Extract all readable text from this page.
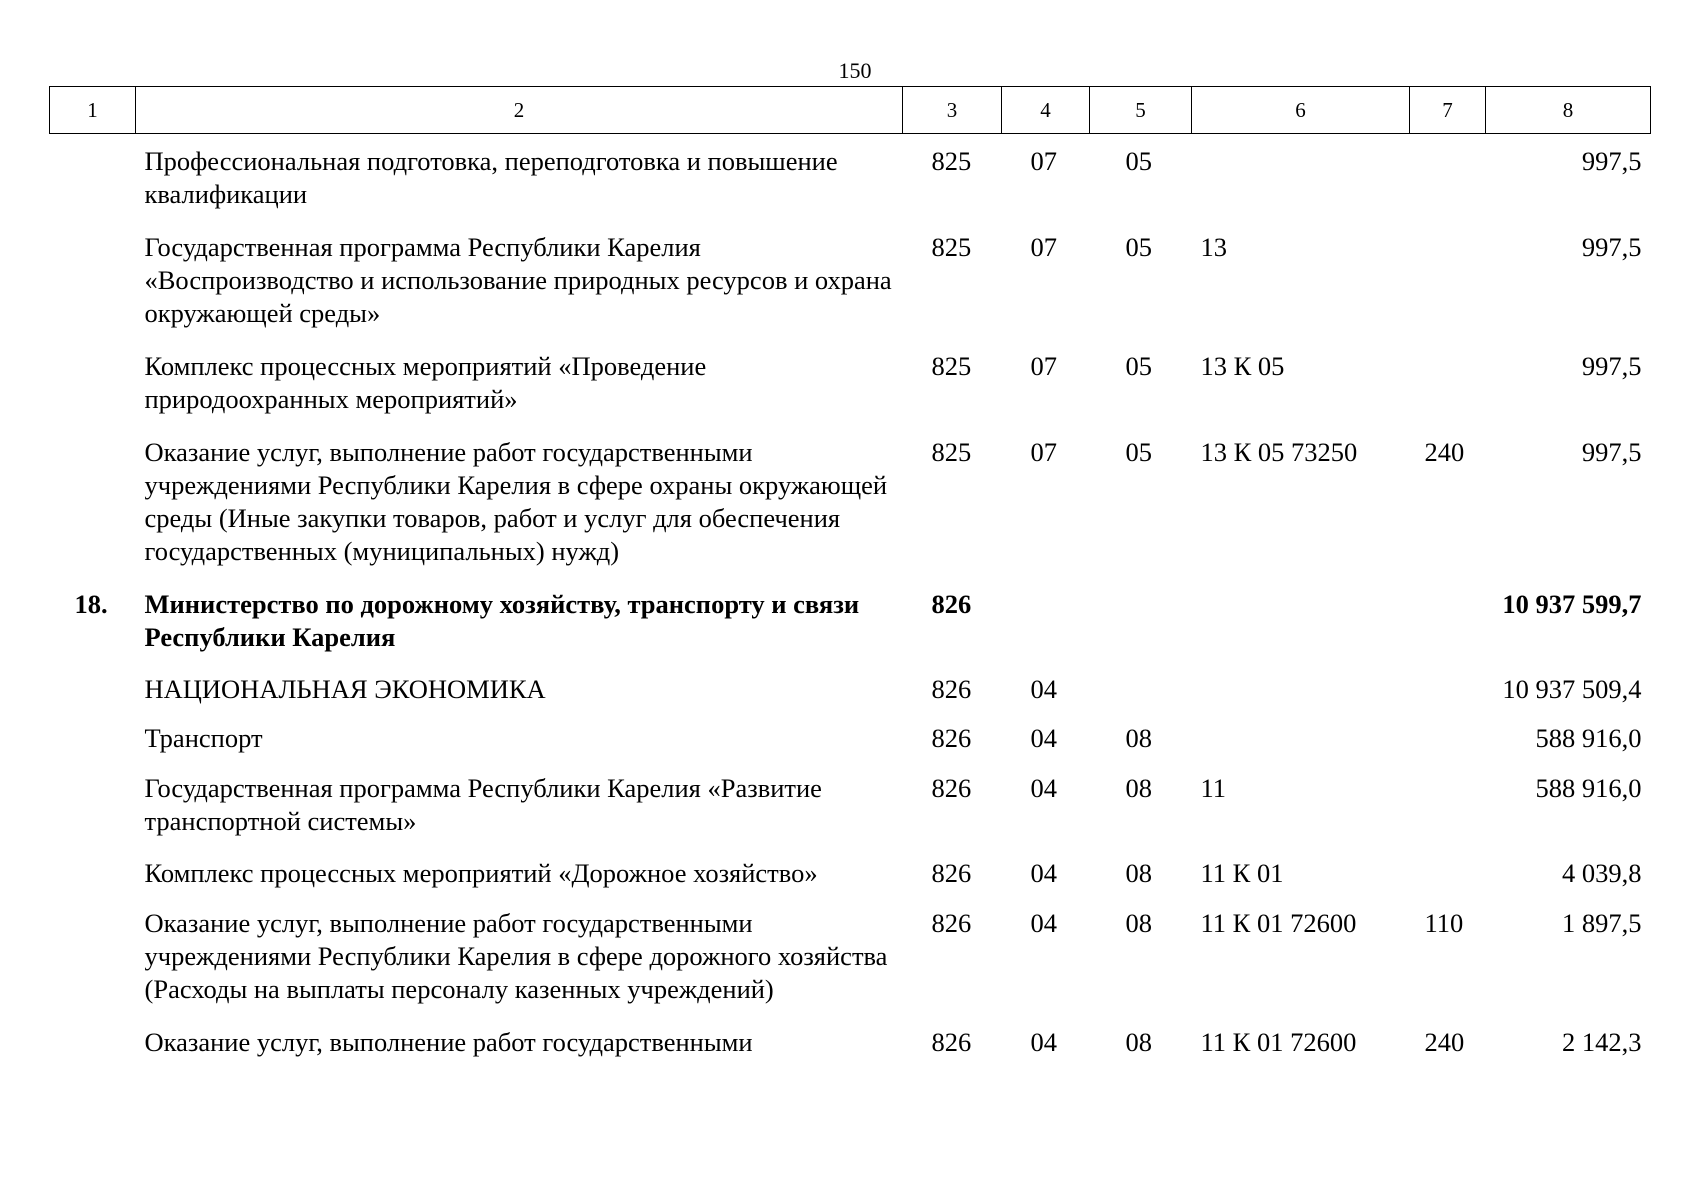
150
1	2	3	4	5	6	7	8
	Профессиональная подготовка, переподготовка и повышение квалификации	825	07	05			997,5
	Государственная программа Республики Карелия «Воспроизводство и использование природных ресурсов и охрана окружающей среды»	825	07	05	13		997,5
	Комплекс процессных мероприятий «Проведение природоохранных мероприятий»	825	07	05	13 К 05		997,5
	Оказание услуг, выполнение работ государственными учреждениями Республики Карелия в сфере охраны окружающей среды (Иные закупки товаров, работ и услуг для обеспечения государственных (муниципальных) нужд)	825	07	05	13 К 05 73250	240	997,5
18.	Министерство по дорожному хозяйству, транспорту и связи Республики Карелия	826					10 937 599,7
	НАЦИОНАЛЬНАЯ ЭКОНОМИКА	826	04				10 937 509,4
	Транспорт	826	04	08			588 916,0
	Государственная программа Республики Карелия «Развитие транспортной системы»	826	04	08	11		588 916,0
	Комплекс процессных мероприятий «Дорожное хозяйство»	826	04	08	11 К 01		4 039,8
	Оказание услуг, выполнение работ государственными учреждениями Республики Карелия в сфере дорожного хозяйства (Расходы на выплаты персоналу казенных учреждений)	826	04	08	11 К 01 72600	110	1 897,5
	Оказание услуг, выполнение работ государственными	826	04	08	11 К 01 72600	240	2 142,3
